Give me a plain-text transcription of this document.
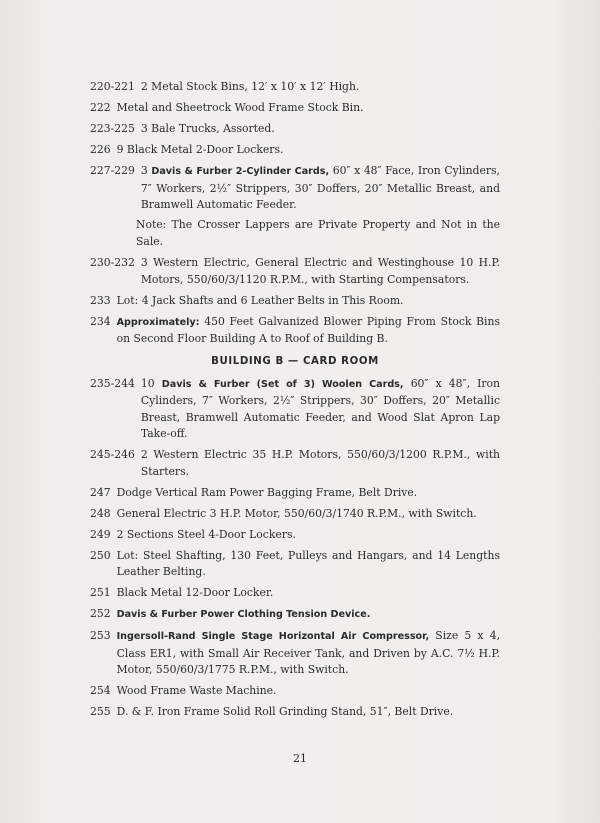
220-221 2 Metal Stock Bins, 12′ x 10′ x 12′ High.
222 Metal and Sheetrock Wood Frame Stock Bin.
223-225 3 Bale Trucks, Assorted.
226 9 Black Metal 2-Door Lockers.
227-229 3 Davis & Furber 2-Cylinder Cards, 60″ x 48″ Face, Iron Cylinders, 7″ Workers, 2½″ Strippers, 30″ Doffers, 20″ Metallic Breast, and Bramwell Automatic Feeder.
Note: The Crosser Lappers are Private Property and Not in the Sale.
230-232 3 Western Electric, General Electric and Westinghouse 10 H.P. Motors, 550/60/3/1120 R.P.M., with Starting Compensators.
233 Lot: 4 Jack Shafts and 6 Leather Belts in This Room.
234 Approximately: 450 Feet Galvanized Blower Piping From Stock Bins on Second Floor Building A to Roof of Building B.
BUILDING B — CARD ROOM
235-244 10 Davis & Furber (Set of 3) Woolen Cards, 60″ x 48″, Iron Cylinders, 7″ Workers, 2½″ Strippers, 30″ Doffers, 20″ Metallic Breast, Bramwell Automatic Feeder, and Wood Slat Apron Lap Take-off.
245-246 2 Western Electric 35 H.P. Motors, 550/60/3/1200 R.P.M., with Starters.
247 Dodge Vertical Ram Power Bagging Frame, Belt Drive.
248 General Electric 3 H.P. Motor, 550/60/3/1740 R.P.M., with Switch.
249 2 Sections Steel 4-Door Lockers.
250 Lot: Steel Shafting, 130 Feet, Pulleys and Hangars, and 14 Lengths Leather Belting.
251 Black Metal 12-Door Locker.
252 Davis & Furber Power Clothing Tension Device.
253 Ingersoll-Rand Single Stage Horizontal Air Compressor, Size 5 x 4, Class ER1, with Small Air Receiver Tank, and Driven by A.C. 7½ H.P. Motor, 550/60/3/1775 R.P.M., with Switch.
254 Wood Frame Waste Machine.
255 D. & F. Iron Frame Solid Roll Grinding Stand, 51″, Belt Drive.
21
